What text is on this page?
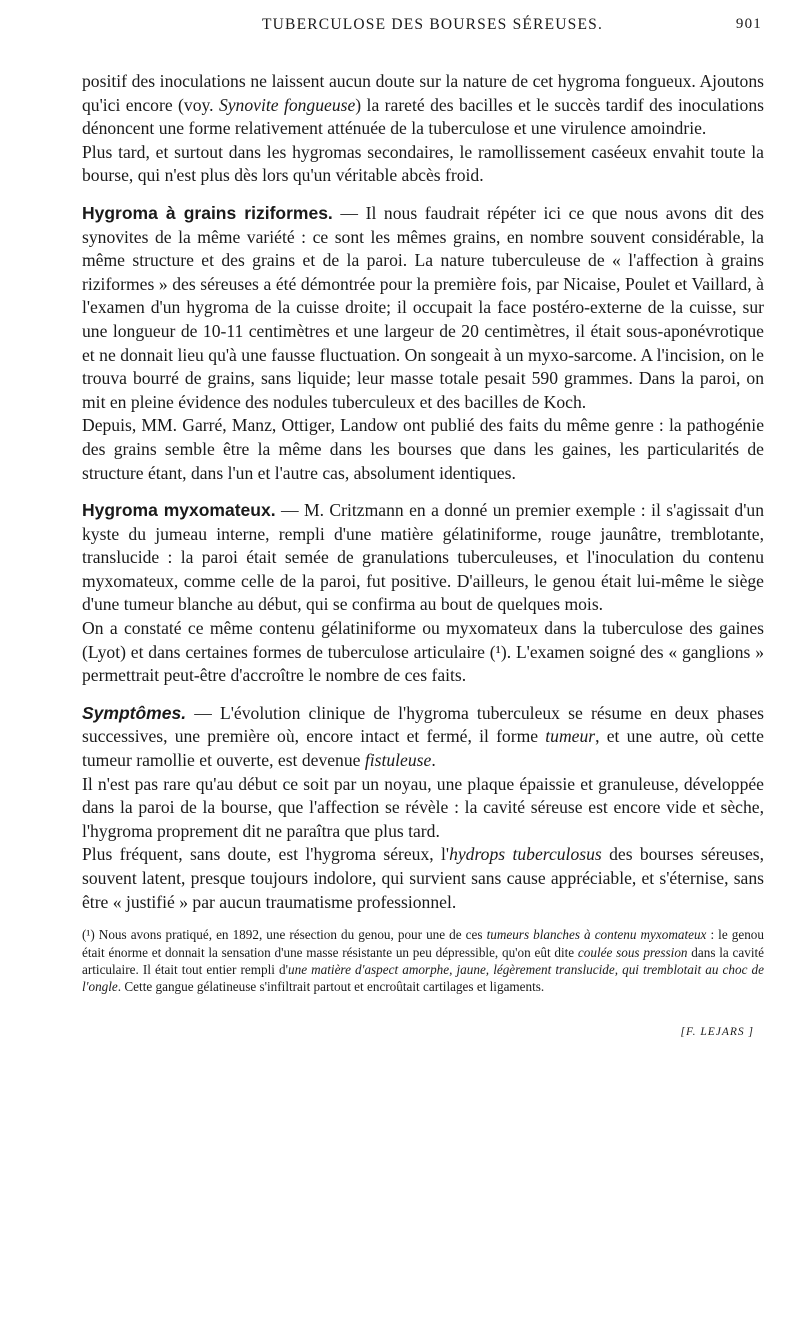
TUBERCULOSE DES BOURSES SÉREUSES.	901

positif des inoculations ne laissent aucun doute sur la nature de cet hygroma fongueux. Ajoutons qu'ici encore (voy. Synovite fongueuse) la rareté des bacilles et le succès tardif des inoculations dénoncent une forme relativement atténuée de la tuberculose et une virulence amoindrie.

Plus tard, et surtout dans les hygromas secondaires, le ramollissement caséeux envahit toute la bourse, qui n'est plus dès lors qu'un véritable abcès froid.

Hygroma à grains riziformes. — Il nous faudrait répéter ici ce que nous avons dit des synovites de la même variété : ce sont les mêmes grains, en nombre souvent considérable, la même structure et des grains et de la paroi. La nature tuberculeuse de « l'affection à grains riziformes » des séreuses a été démontrée pour la première fois, par Nicaise, Poulet et Vaillard, à l'examen d'un hygroma de la cuisse droite; il occupait la face postéro-externe de la cuisse, sur une longueur de 10-11 centimètres et une largeur de 20 centimètres, il était sous-aponévrotique et ne donnait lieu qu'à une fausse fluctuation. On songeait à un myxo-sarcome. A l'incision, on le trouva bourré de grains, sans liquide; leur masse totale pesait 590 grammes. Dans la paroi, on mit en pleine évidence des nodules tuberculeux et des bacilles de Koch.

Depuis, MM. Garré, Manz, Ottiger, Landow ont publié des faits du même genre : la pathogénie des grains semble être la même dans les bourses que dans les gaines, les particularités de structure étant, dans l'un et l'autre cas, absolument identiques.

Hygroma myxomateux. — M. Critzmann en a donné un premier exemple : il s'agissait d'un kyste du jumeau interne, rempli d'une matière gélatiniforme, rouge jaunâtre, tremblotante, translucide : la paroi était semée de granulations tuberculeuses, et l'inoculation du contenu myxomateux, comme celle de la paroi, fut positive. D'ailleurs, le genou était lui-même le siège d'une tumeur blanche au début, qui se confirma au bout de quelques mois.

On a constaté ce même contenu gélatiniforme ou myxomateux dans la tuberculose des gaines (Lyot) et dans certaines formes de tuberculose articulaire (¹). L'examen soigné des « ganglions » permettrait peut-être d'accroître le nombre de ces faits.

Symptômes. — L'évolution clinique de l'hygroma tuberculeux se résume en deux phases successives, une première où, encore intact et fermé, il forme tumeur, et une autre, où cette tumeur ramollie et ouverte, est devenue fistuleuse.

Il n'est pas rare qu'au début ce soit par un noyau, une plaque épaissie et granuleuse, développée dans la paroi de la bourse, que l'affection se révèle : la cavité séreuse est encore vide et sèche, l'hygroma proprement dit ne paraîtra que plus tard.

Plus fréquent, sans doute, est l'hygroma séreux, l'hydrops tuberculosus des bourses séreuses, souvent latent, presque toujours indolore, qui survient sans cause appréciable, et s'éternise, sans être « justifié » par aucun traumatisme professionnel.

(¹) Nous avons pratiqué, en 1892, une résection du genou, pour une de ces tumeurs blanches à contenu myxomateux : le genou était énorme et donnait la sensation d'une masse résistante un peu dépressible, qu'on eût dite coulée sous pression dans la cavité articulaire. Il était tout entier rempli d'une matière d'aspect amorphe, jaune, légèrement translucide, qui tremblotait au choc de l'ongle. Cette gangue gélatineuse s'infiltrait partout et encroûtait cartilages et ligaments.
[F. LEJARS ]
